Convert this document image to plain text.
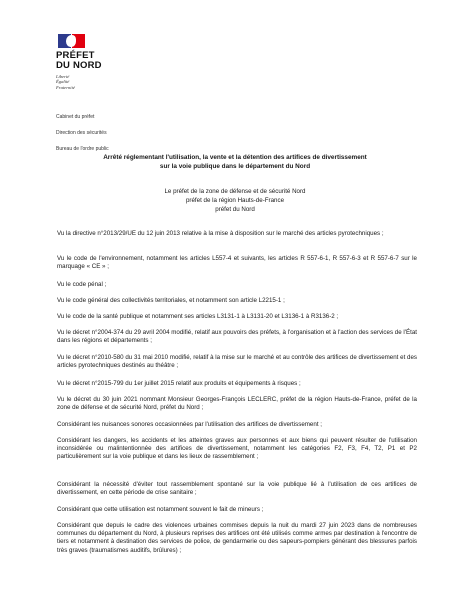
PRÉFET
DU NORD
Liberté
Égalité
Fraternité
Cabinet du préfet
Direction des sécurités
Bureau de l'ordre public
Arrêté réglementant l'utilisation, la vente et la détention des artifices de divertissement
sur la voie publique dans le département du Nord
Le préfet de la zone de défense et de sécurité Nord
préfet de la région Hauts-de-France
préfet du Nord
Vu la directive n°2013/29/UE du 12 juin 2013 relative à la mise à disposition sur le marché des articles pyrotechniques ;
Vu le code de l'environnement, notamment les articles L557-4 et suivants, les articles R 557-6-1, R 557-6-3 et R 557-6-7 sur le marquage « CE » ;
Vu le code pénal ;
Vu le code général des collectivités territoriales, et notamment son article L2215-1 ;
Vu le code de la santé publique et notamment ses articles L3131-1 à L3131-20 et L3136-1 à R3136-2 ;
Vu le décret n°2004-374 du 29 avril 2004 modifié, relatif aux pouvoirs des préfets, à l'organisation et à l'action des services de l'État dans les régions et départements ;
Vu le décret n°2010-580 du 31 mai 2010 modifié, relatif à la mise sur le marché et au contrôle des artifices de divertissement et des articles pyrotechniques destinés au théâtre ;
Vu le décret n°2015-799 du 1er juillet 2015 relatif aux produits et équipements à risques ;
Vu le décret du 30 juin 2021 nommant Monsieur Georges-François LECLERC, préfet de la région Hauts-de-France, préfet de la zone de défense et de sécurité Nord, préfet du Nord ;
Considérant les nuisances sonores occasionnées par l'utilisation des artifices de divertissement ;
Considérant les dangers, les accidents et les atteintes graves aux personnes et aux biens qui peuvent résulter de l'utilisation inconsidérée ou malintentionnée des artifices de divertissement, notamment les catégories F2, F3, F4, T2, P1 et P2 particulièrement sur la voie publique et dans les lieux de rassemblement ;
Considérant la nécessité d'éviter tout rassemblement spontané sur la voie publique lié à l'utilisation de ces artifices de divertissement, en cette période de crise sanitaire ;
Considérant que cette utilisation est notamment souvent le fait de mineurs ;
Considérant que depuis le cadre des violences urbaines commises depuis la nuit du mardi 27 juin 2023 dans de nombreuses communes du département du Nord, à plusieurs reprises des artifices ont été utilisés comme armes par destination à l'encontre de tiers et notamment à destination des services de police, de gendarmerie ou des sapeurs-pompiers générant des blessures parfois très graves (traumatismes auditifs, brûlures) ;
